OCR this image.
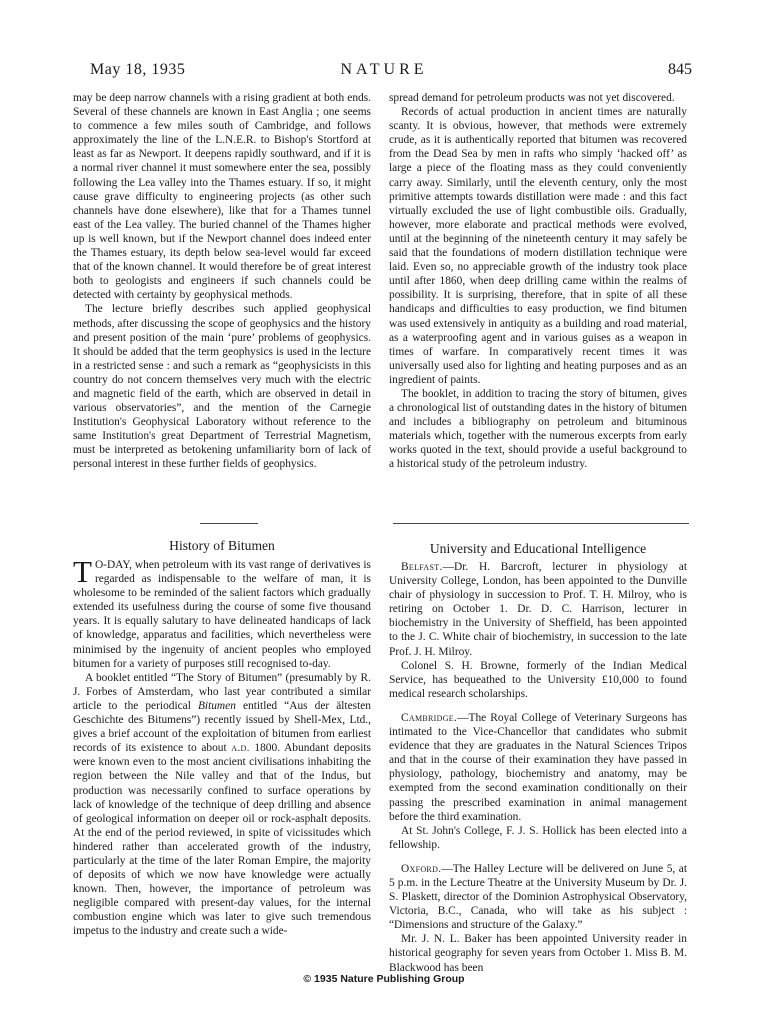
May 18, 1935	NATURE	845

may be deep narrow channels with a rising gradient at both ends. Several of these channels are known in East Anglia ; one seems to commence a few miles south of Cambridge, and follows approximately the line of the L.N.E.R. to Bishop's Stortford at least as far as Newport. It deepens rapidly southward, and if it is a normal river channel it must somewhere enter the sea, possibly following the Lea valley into the Thames estuary. If so, it might cause grave difficulty to engineering projects (as other such channels have done elsewhere), like that for a Thames tunnel east of the Lea valley. The buried channel of the Thames higher up is well known, but if the Newport channel does indeed enter the Thames estuary, its depth below sea-level would far exceed that of the known channel. It would therefore be of great interest both to geologists and engineers if such channels could be detected with certainty by geophysical methods.

The lecture briefly describes such applied geophysical methods, after discussing the scope of geophysics and the history and present position of the main ‘pure’ problems of geophysics. It should be added that the term geophysics is used in the lecture in a restricted sense : and such a remark as “geophysicists in this country do not concern themselves very much with the electric and magnetic field of the earth, which are observed in detail in various observatories”, and the mention of the Carnegie Institution's Geophysical Laboratory without reference to the same Institution's great Department of Terrestrial Magnetism, must be interpreted as betokening unfamiliarity born of lack of personal interest in these further fields of geophysics.

spread demand for petroleum products was not yet discovered.

Records of actual production in ancient times are naturally scanty. It is obvious, however, that methods were extremely crude, as it is authentically reported that bitumen was recovered from the Dead Sea by men in rafts who simply ‘hacked off’ as large a piece of the floating mass as they could conveniently carry away. Similarly, until the eleventh century, only the most primitive attempts towards distillation were made : and this fact virtually excluded the use of light combustible oils. Gradually, however, more elaborate and practical methods were evolved, until at the beginning of the nineteenth century it may safely be said that the foundations of modern distillation technique were laid. Even so, no appreciable growth of the industry took place until after 1860, when deep drilling came within the realms of possibility. It is surprising, therefore, that in spite of all these handicaps and difficulties to easy production, we find bitumen was used extensively in antiquity as a building and road material, as a waterproofing agent and in various guises as a weapon in times of warfare. In comparatively recent times it was universally used also for lighting and heating purposes and as an ingredient of paints.

The booklet, in addition to tracing the story of bitumen, gives a chronological list of outstanding dates in the history of bitumen and includes a bibliography on petroleum and bituminous materials which, together with the numerous excerpts from early works quoted in the text, should provide a useful background to a historical study of the petroleum industry.

History of Bitumen

T O-DAY, when petroleum with its vast range of derivatives is regarded as indispensable to the welfare of man, it is wholesome to be reminded of the salient factors which gradually extended its usefulness during the course of some five thousand years. It is equally salutary to have delineated handicaps of lack of knowledge, apparatus and facilities, which nevertheless were minimised by the ingenuity of ancient peoples who employed bitumen for a variety of purposes still recognised to-day.

A booklet entitled “The Story of Bitumen” (presumably by R. J. Forbes of Amsterdam, who last year contributed a similar article to the periodical Bitumen entitled “Aus der ältesten Geschichte des Bitumens”) recently issued by Shell-Mex, Ltd., gives a brief account of the exploitation of bitumen from earliest records of its existence to about a.d. 1800. Abundant deposits were known even to the most ancient civilisations inhabiting the region between the Nile valley and that of the Indus, but production was necessarily confined to surface operations by lack of knowledge of the technique of deep drilling and absence of geological information on deeper oil or rock-asphalt deposits. At the end of the period reviewed, in spite of vicissitudes which hindered rather than accelerated growth of the industry, particularly at the time of the later Roman Empire, the majority of deposits of which we now have knowledge were actually known. Then, however, the importance of petroleum was negligible compared with present-day values, for the internal combustion engine which was later to give such tremendous impetus to the industry and create such a wide-

University and Educational Intelligence

Belfast.—Dr. H. Barcroft, lecturer in physiology at University College, London, has been appointed to the Dunville chair of physiology in succession to Prof. T. H. Milroy, who is retiring on October 1. Dr. D. C. Harrison, lecturer in biochemistry in the University of Sheffield, has been appointed to the J. C. White chair of biochemistry, in succession to the late Prof. J. H. Milroy.

Colonel S. H. Browne, formerly of the Indian Medical Service, has bequeathed to the University £10,000 to found medical research scholarships.

Cambridge.—The Royal College of Veterinary Surgeons has intimated to the Vice-Chancellor that candidates who submit evidence that they are graduates in the Natural Sciences Tripos and that in the course of their examination they have passed in physiology, pathology, biochemistry and anatomy, may be exempted from the second examination conditionally on their passing the prescribed examination in animal management before the third examination.

At St. John's College, F. J. S. Hollick has been elected into a fellowship.

Oxford.—The Halley Lecture will be delivered on June 5, at 5 p.m. in the Lecture Theatre at the University Museum by Dr. J. S. Plaskett, director of the Dominion Astrophysical Observatory, Victoria, B.C., Canada, who will take as his subject : “Dimensions and structure of the Galaxy.”

Mr. J. N. L. Baker has been appointed University reader in historical geography for seven years from October 1. Miss B. M. Blackwood has been

© 1935 Nature Publishing Group
